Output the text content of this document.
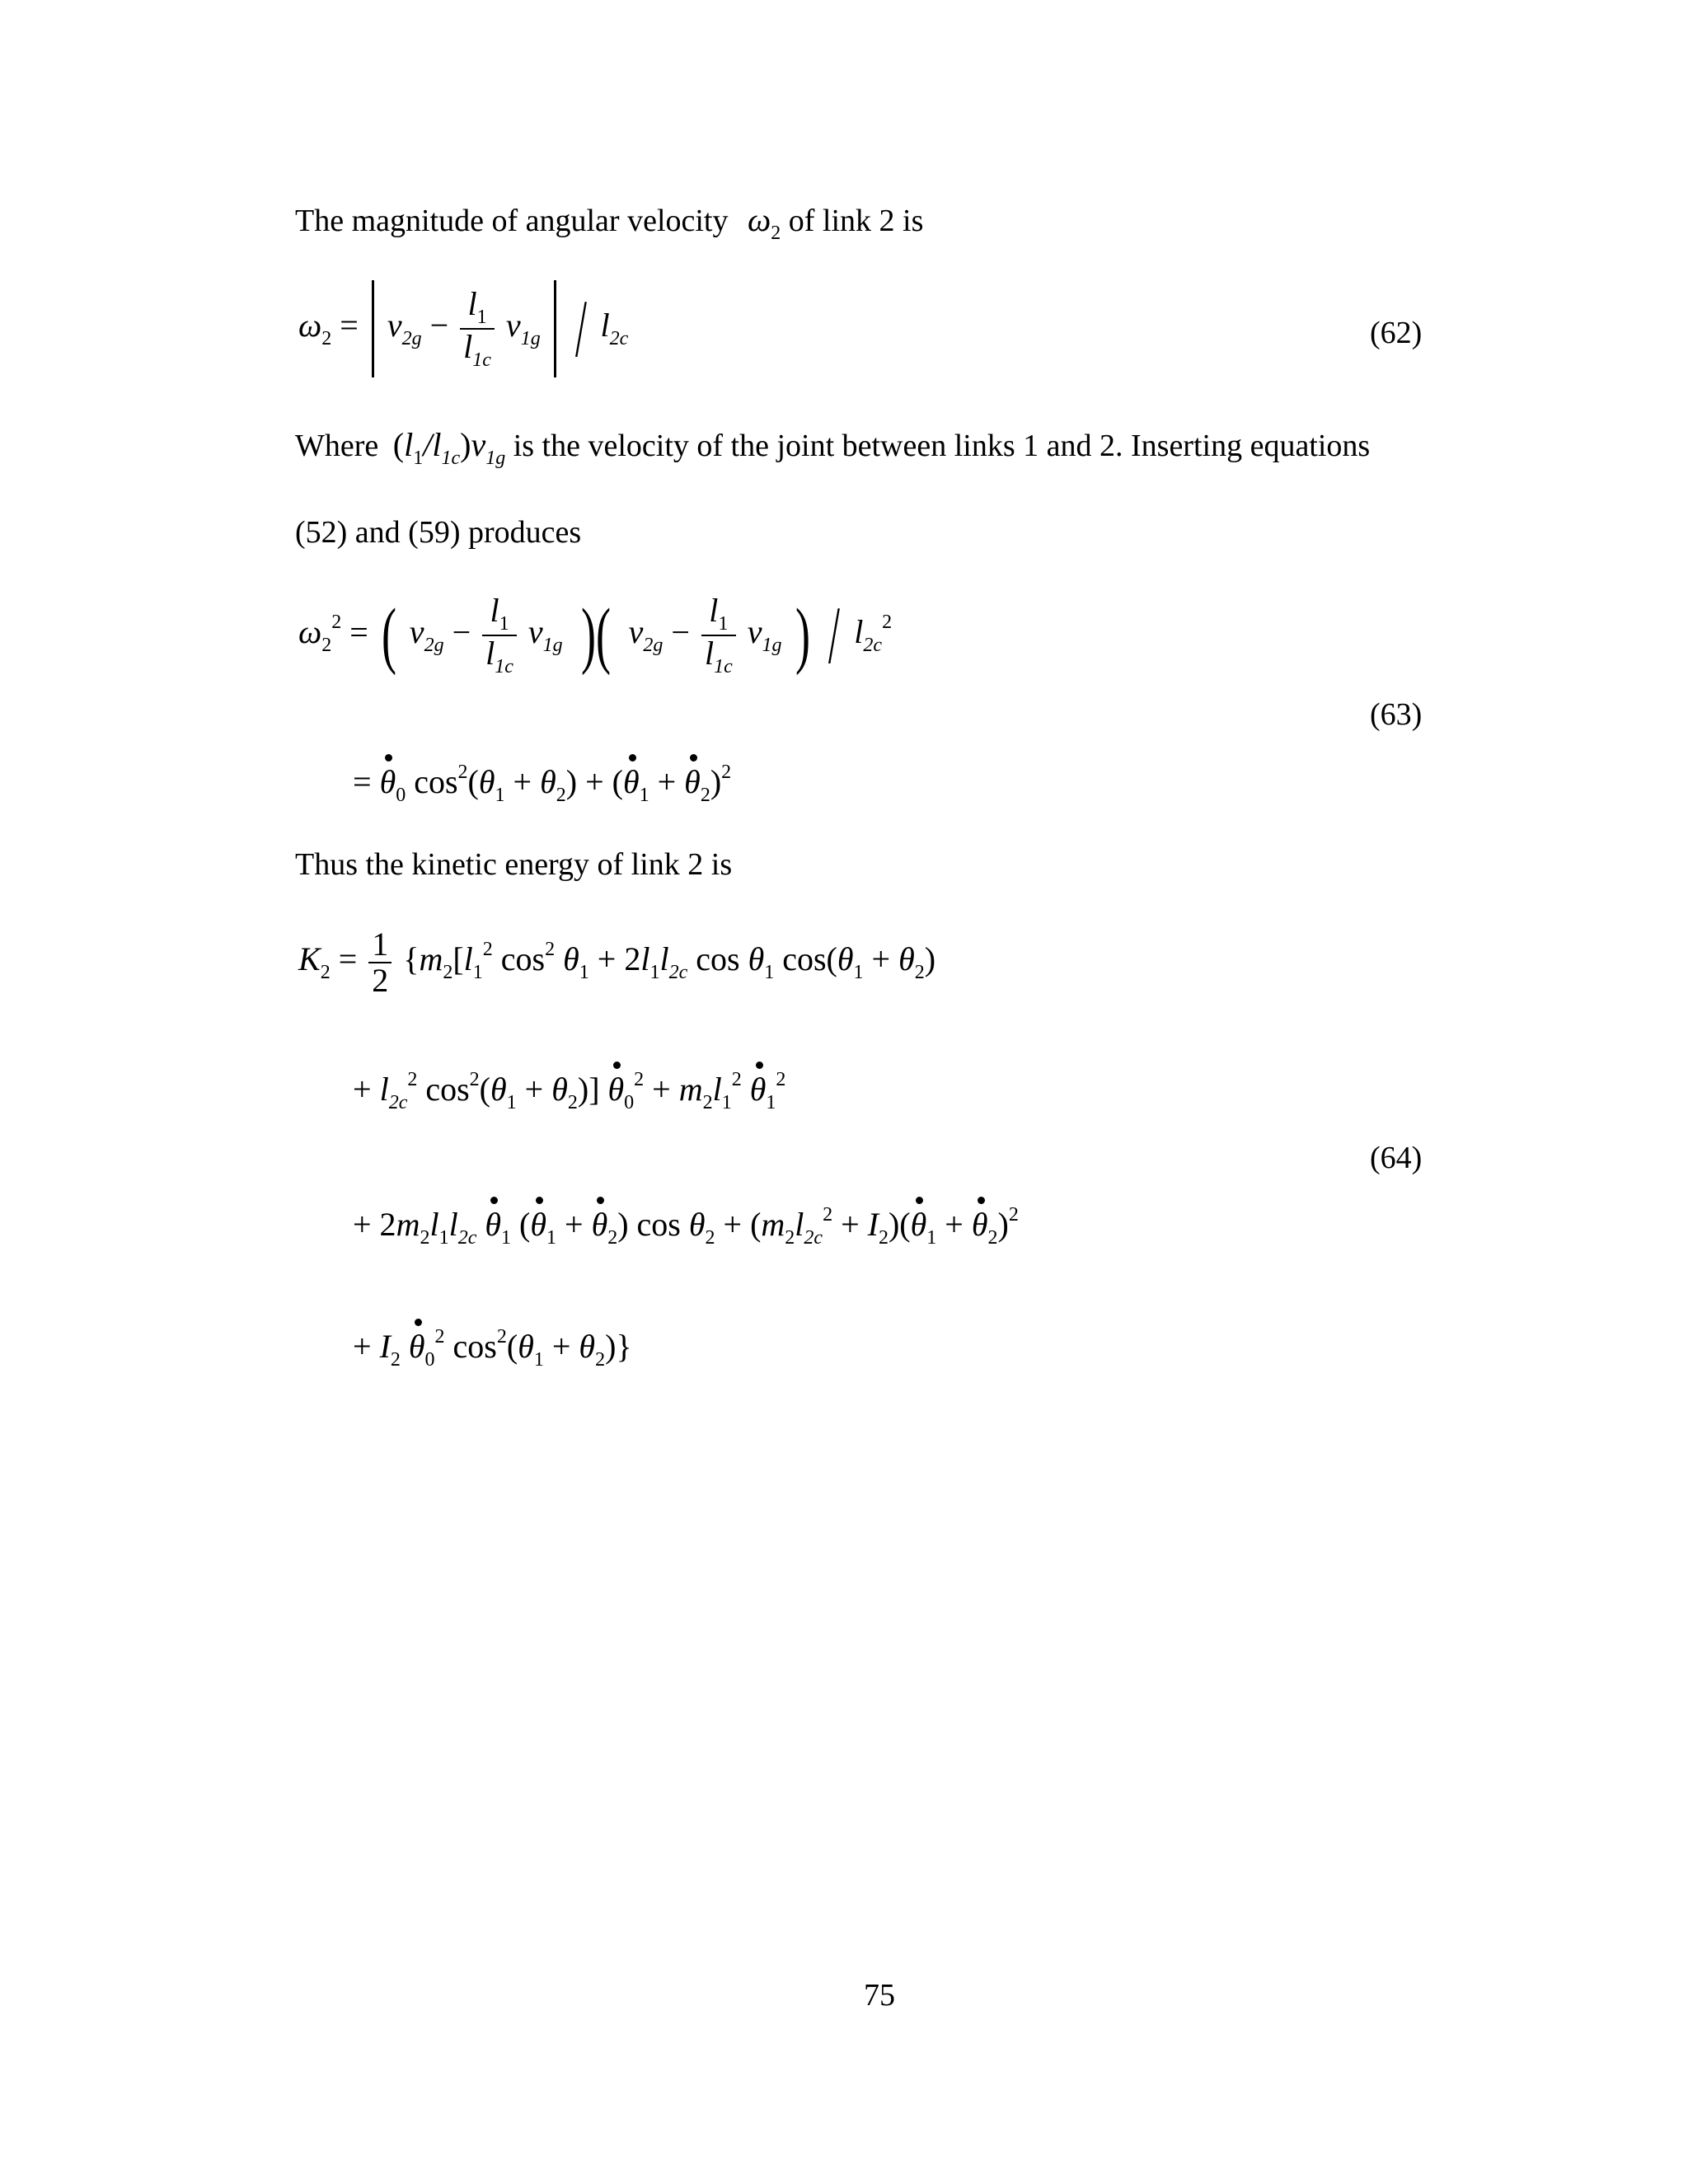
The magnitude of angular velocity $\omega_2$ of link 2 is
$\omega_2 = v_{2g} - \frac{l_1}{l_{1c}} v_{1g} / l_{2c}$	(62)
Where $(l_1/l_{1c})v_{1g}$ is the velocity of the joint between links 1 and 2. Inserting equations
(52) and (59) produces
$\omega_2^2$ = ( $v_{2g} - \frac{l_1}{l_{1c}} v_{1g}$ )( $v_{2g} - \frac{l_1}{l_{1c}} v_{1g}$ ) / $l_{2c}^2$
= $\theta_0$ $\cos^2(\theta_1 + \theta_2) + (\theta_1 + \theta_2)^2$
(63)
Thus the kinetic energy of link 2 is
$K_2 = \frac{1}{2} \{m_2[l_1^2$ $\cos^2 \theta_1 + 2l_1l_{2c}$ $\cos \theta_1$ $\cos(\theta_1 + \theta_2)$
+ $l_{2c}^2$ $\cos^2(\theta_1 + \theta_2)$] $\theta_0^2 + m_2l_1^2$ $\theta_1^2$
(64)
+ $2m_2l_1l_{2c}$ $\theta_1$ $(\theta_1 + \theta_2)$ $\cos \theta_2 + (m_2l_{2c}^2 + I_2)(\theta_1 + \theta_2)^2$
+ $I_2$ $\theta_0^2$ $\cos^2(\theta_1 + \theta_2)$}
75
